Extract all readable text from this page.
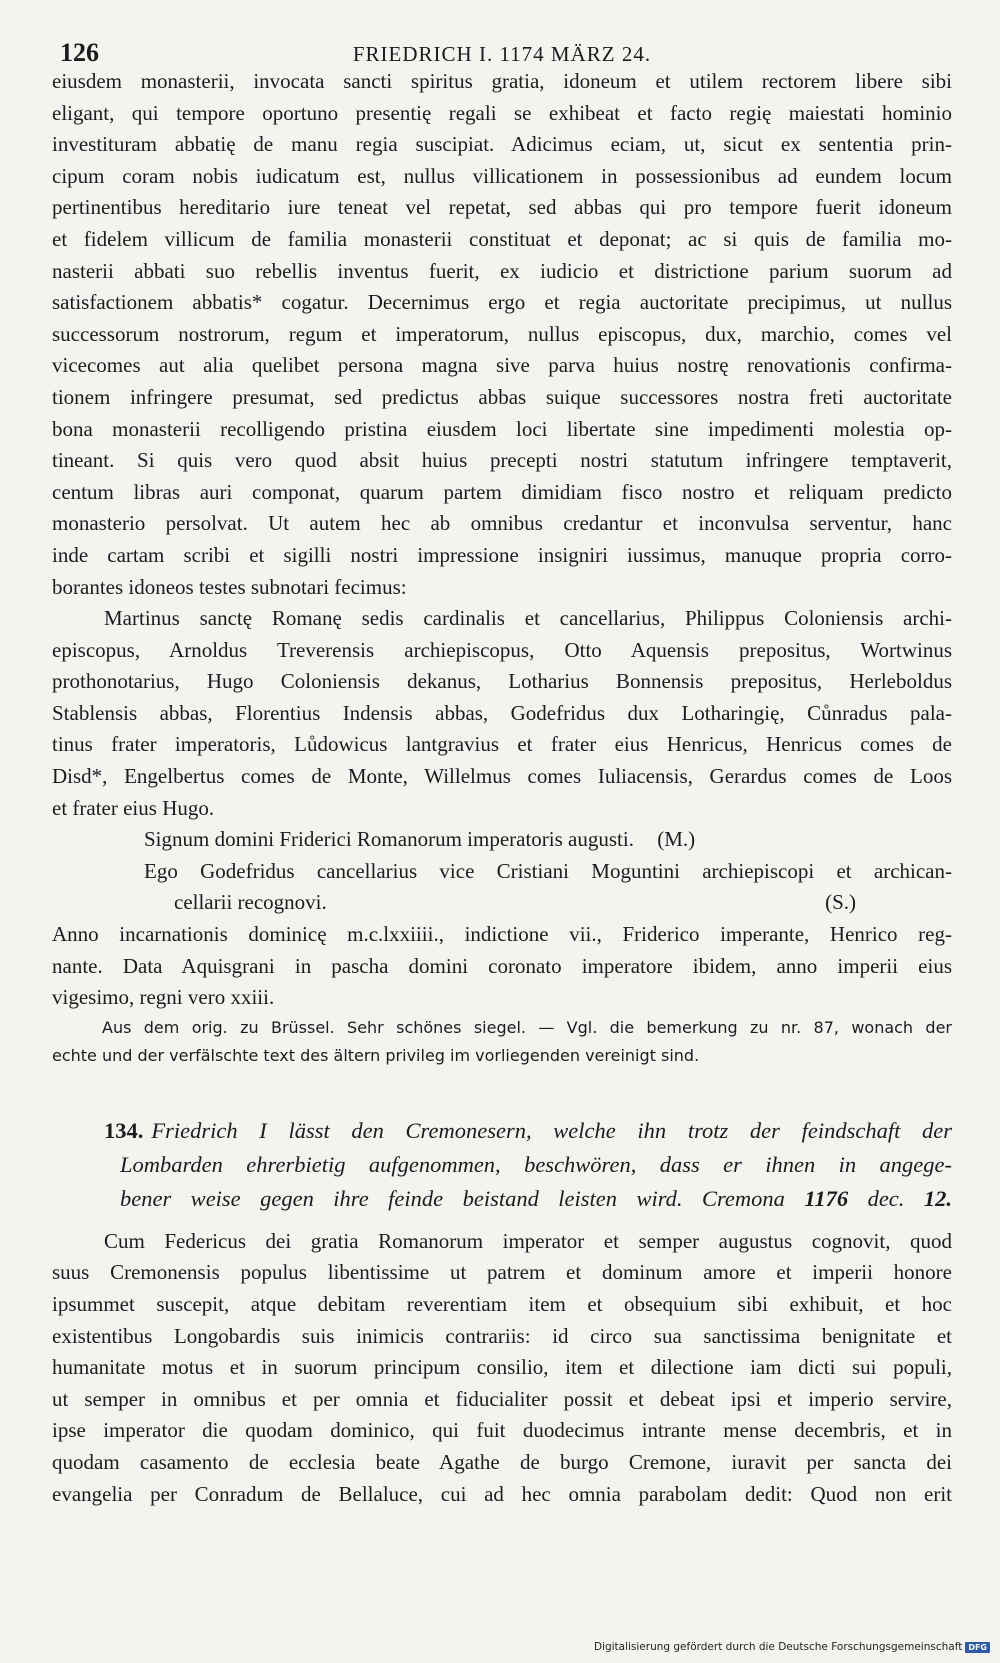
126	FRIEDRICH I. 1174 MÄRZ 24.
eiusdem monasterii, invocata sancti spiritus gratia, idoneum et utilem rectorem libere sibi
eligant, qui tempore oportuno presentię regali se exhibeat et facto regię maiestati hominio
investituram abbatię de manu regia suscipiat. Adicimus eciam, ut, sicut ex sententia prin-
cipum coram nobis iudicatum est, nullus villicationem in possessionibus ad eundem locum
pertinentibus hereditario iure teneat vel repetat, sed abbas qui pro tempore fuerit idoneum
et fidelem villicum de familia monasterii constituat et deponat; ac si quis de familia mo-
nasterii abbati suo rebellis inventus fuerit, ex iudicio et districtione parium suorum ad
satisfactionem abbatis* cogatur. Decernimus ergo et regia auctoritate precipimus, ut nullus
successorum nostrorum, regum et imperatorum, nullus episcopus, dux, marchio, comes vel
vicecomes aut alia quelibet persona magna sive parva huius nostrę renovationis confirma-
tionem infringere presumat, sed predictus abbas suique successores nostra freti auctoritate
bona monasterii recolligendo pristina eiusdem loci libertate sine impedimenti molestia op-
tineant. Si quis vero quod absit huius precepti nostri statutum infringere temptaverit,
centum libras auri componat, quarum partem dimidiam fisco nostro et reliquam predicto
monasterio persolvat. Ut autem hec ab omnibus credantur et inconvulsa serventur, hanc
inde cartam scribi et sigilli nostri impressione insigniri iussimus, manuque propria corro-
borantes idoneos testes subnotari fecimus:
Martinus sanctę Romanę sedis cardinalis et cancellarius, Philippus Coloniensis archi-
episcopus, Arnoldus Treverensis archiepiscopus, Otto Aquensis prepositus, Wortwinus
prothonotarius, Hugo Coloniensis dekanus, Lotharius Bonnensis prepositus, Herleboldus
Stablensis abbas, Florentius Indensis abbas, Godefridus dux Lotharingię, Cůnradus pala-
tinus frater imperatoris, Lůdowicus lantgravius et frater eius Henricus, Henricus comes de
Disd*, Engelbertus comes de Monte, Willelmus comes Iuliacensis, Gerardus comes de Loos
et frater eius Hugo.
Signum domini Friderici Romanorum imperatoris augusti. (M.)
Ego Godefridus cancellarius vice Cristiani Moguntini archiepiscopi et archican-
cellarii recognovi.	(S.)
Anno incarnationis dominicę m.c.lxxiiii., indictione vii., Friderico imperante, Henrico reg-
nante. Data Aquisgrani in pascha domini coronato imperatore ibidem, anno imperii eius
vigesimo, regni vero xxiii.
Aus dem orig. zu Brüssel. Sehr schönes siegel. — Vgl. die bemerkung zu nr. 87, wonach der
echte und der verfälschte text des ältern privileg im vorliegenden vereinigt sind.
134. Friedrich I lässt den Cremonesern, welche ihn trotz der feindschaft der
Lombarden ehrerbietig aufgenommen, beschwören, dass er ihnen in angege-
bener weise gegen ihre feinde beistand leisten wird. Cremona 1176 dec. 12.
Cum Federicus dei gratia Romanorum imperator et semper augustus cognovit, quod
suus Cremonensis populus libentissime ut patrem et dominum amore et imperii honore
ipsummet suscepit, atque debitam reverentiam item et obsequium sibi exhibuit, et hoc
existentibus Longobardis suis inimicis contrariis: id circo sua sanctissima benignitate et
humanitate motus et in suorum principum consilio, item et dilectione iam dicti sui populi,
ut semper in omnibus et per omnia et fiducialiter possit et debeat ipsi et imperio servire,
ipse imperator die quodam dominico, qui fuit duodecimus intrante mense decembris, et in
quodam casamento de ecclesia beate Agathe de burgo Cremone, iuravit per sancta dei
evangelia per Conradum de Bellaluce, cui ad hec omnia parabolam dedit: Quod non erit
Digitalisierung gefördert durch die Deutsche Forschungsgemeinschaft DFG
